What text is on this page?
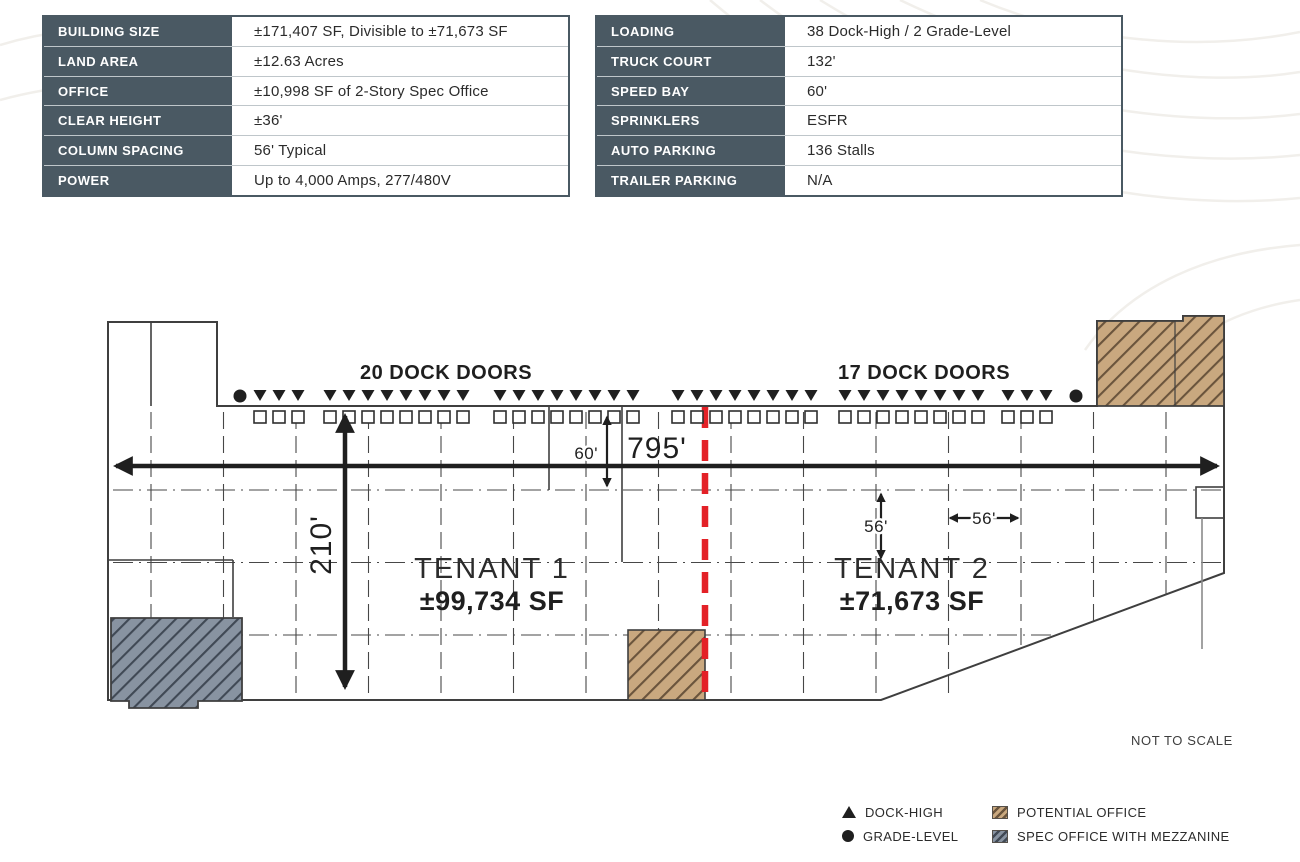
795'
210'
60'
56'	56'
20 DOCK DOORS	17 DOCK DOORS
TENANT 1
±99,734 SF
TENANT 2
±71,673 SF
BUILDING SIZE	±171,407 SF, Divisible to ±71,673 SF
LAND AREA	±12.63 Acres
OFFICE	±10,998 SF of 2-Story Spec Office
CLEAR HEIGHT	±36'
COLUMN SPACING	56' Typical
POWER	Up to 4,000 Amps, 277/480V
LOADING	38 Dock-High / 2 Grade-Level
TRUCK COURT	132'
SPEED BAY	60'
SPRINKLERS	ESFR
AUTO PARKING	136 Stalls
TRAILER PARKING	N/A
NOT TO SCALE
DOCK-HIGH
GRADE-LEVEL
POTENTIAL OFFICE
SPEC OFFICE WITH MEZZANINE
